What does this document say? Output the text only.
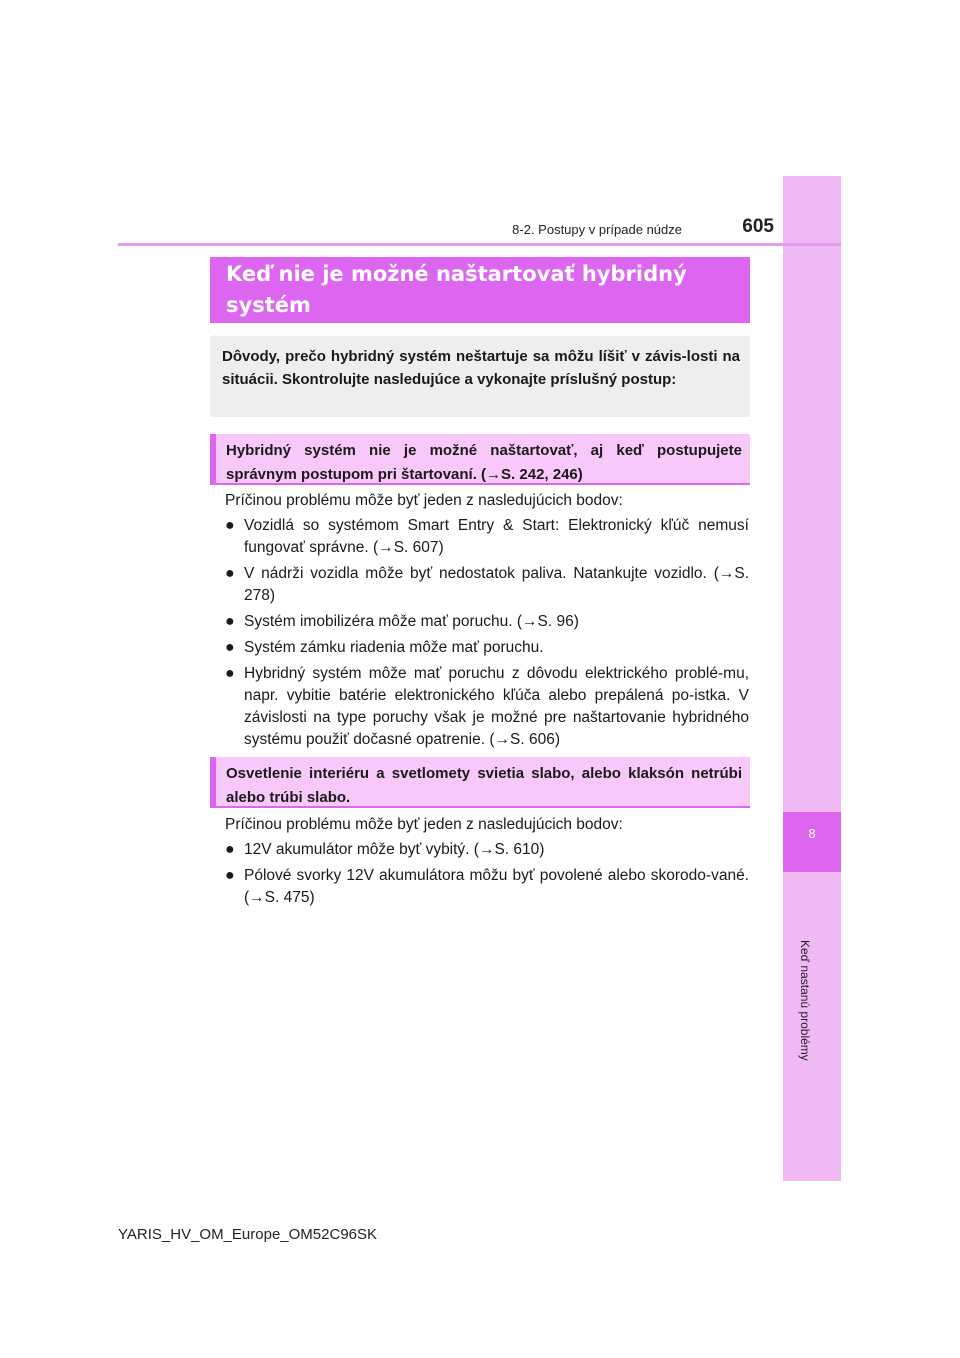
8
Keď nastanú problémy
8-2. Postupy v prípade núdze	605
Keď nie je možné naštartovať hybridný
systém
Dôvody, prečo hybridný systém neštartuje sa môžu líšiť v závis-losti na situácii. Skontrolujte nasledujúce a vykonajte príslušný postup:
Hybridný systém nie je možné naštartovať, aj keď postupujete správnym postupom pri štartovaní. (→S. 242, 246)
Príčinou problému môže byť jeden z nasledujúcich bodov:
● Vozidlá so systémom Smart Entry & Start: Elektronický kľúč nemusí fungovať správne. (→S. 607)
● V nádrži vozidla môže byť nedostatok paliva. Natankujte vozidlo. (→S. 278)
● Systém imobilizéra môže mať poruchu. (→S. 96)
● Systém zámku riadenia môže mať poruchu.
● Hybridný systém môže mať poruchu z dôvodu elektrického problé-mu, napr. vybitie batérie elektronického kľúča alebo prepálená po-istka. V závislosti na type poruchy však je možné pre naštartovanie hybridného systému použiť dočasné opatrenie. (→S. 606)
Osvetlenie interiéru a svetlomety svietia slabo, alebo klaksón netrúbi alebo trúbi slabo.
Príčinou problému môže byť jeden z nasledujúcich bodov:
● 12V akumulátor môže byť vybitý. (→S. 610)
● Pólové svorky 12V akumulátora môžu byť povolené alebo skorodo-vané. (→S. 475)
YARIS_HV_OM_Europe_OM52C96SK
